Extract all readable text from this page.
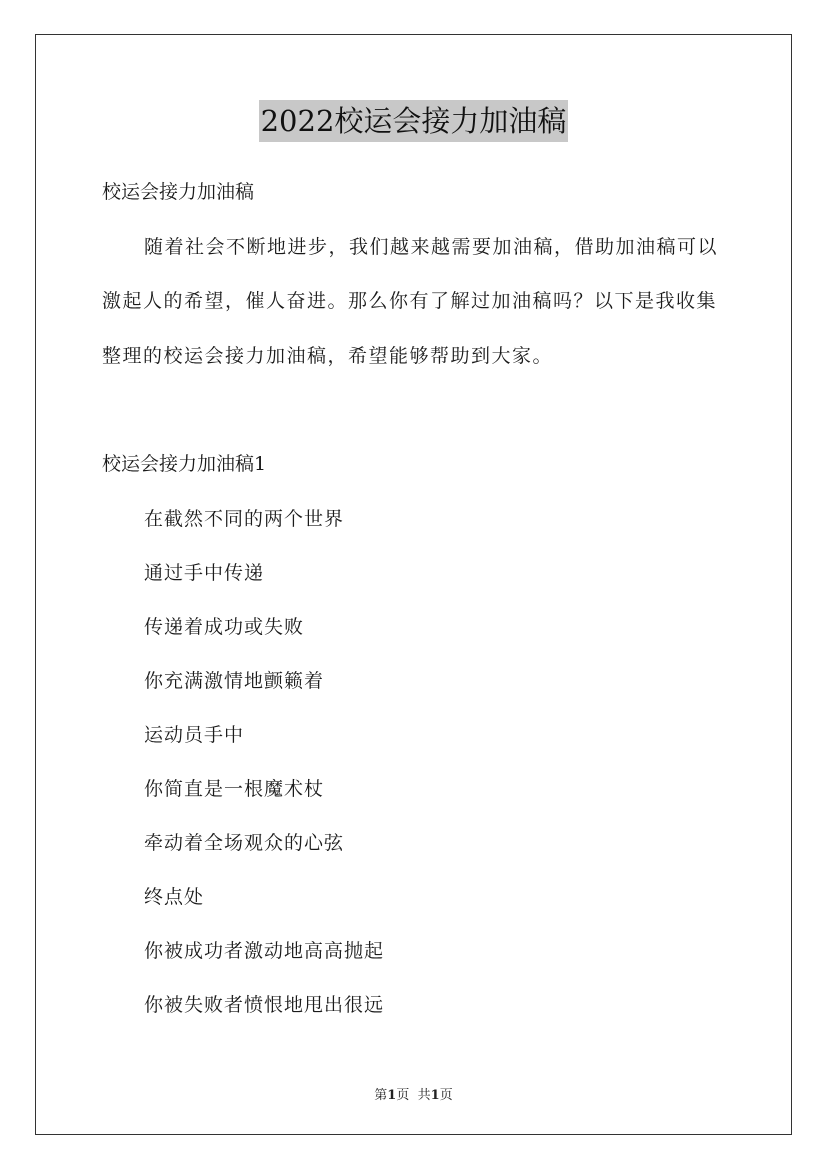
2022校运会接力加油稿
校运会接力加油稿
随着社会不断地进步，我们越来越需要加油稿，借助加油稿可以
激起人的希望，催人奋进。那么你有了解过加油稿吗？以下是我收集
整理的校运会接力加油稿，希望能够帮助到大家。
校运会接力加油稿1
在截然不同的两个世界
通过手中传递
传递着成功或失败
你充满激情地颤籁着
运动员手中
你简直是一根魔术杖
牵动着全场观众的心弦
终点处
你被成功者激动地高高抛起
你被失败者愤恨地甩出很远
第1页 共1页
